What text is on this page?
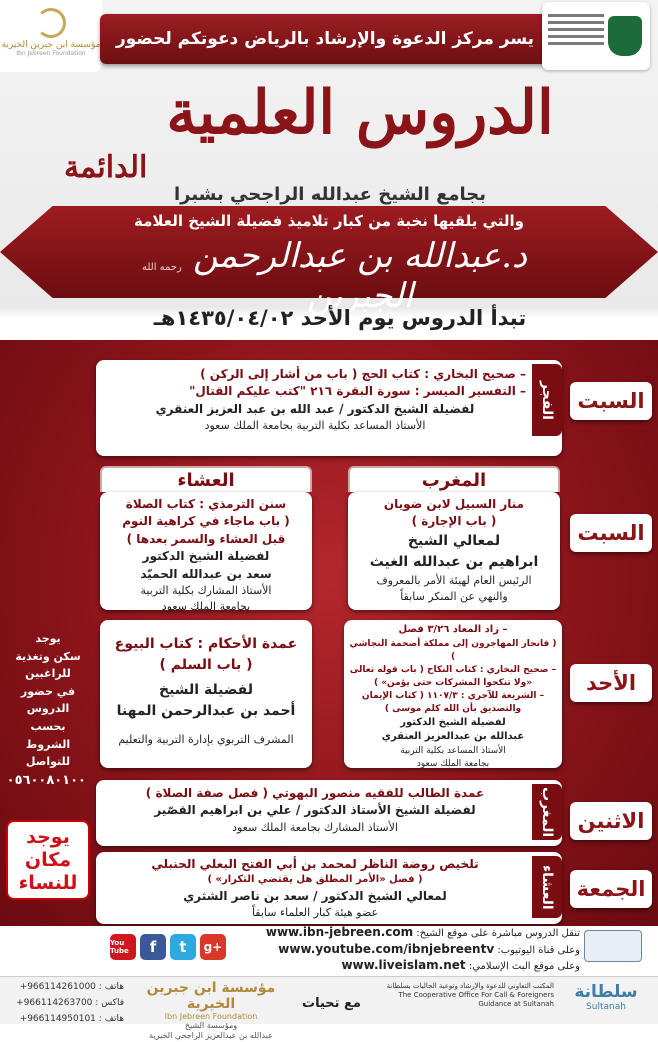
مؤسسة ابن جبرين الخيرية
Ibn Jebreen Foundation
يسر مركز الدعوة والإرشاد بالرياض دعوتكم لحضور
الدروس العلمية
الدائمة
بجامع الشيخ عبدالله الراجحي بشبرا
والتي يلقيها نخبة من كبار تلاميذ فضيلة الشيخ العلامة
د.عبدالله بن عبدالرحمن الجبرين
رحمه الله
تبدأ الدروس يوم الأحد ١٤٣٥/٠٤/٠٢هـ
السبت
– صحيح البخاري : كتاب الحج ( باب من أشار إلى الركن )
– التفسير الميسر : سورة البقرة ٢١٦ "كتب عليكم القتال"
لفضيلة الشيخ الدكتور / عبد الله بن عبد العزيز العنقري
الأستاذ المساعد بكلية التربية بجامعة الملك سعود
الفجر
المغرب
العشاء
السبت
منار السبيل لابن ضويان
( باب الإجارة )
لمعالي الشيخ
ابراهيم بن عبدالله الغيث
الرئيس العام لهيئة الأمر بالمعروف
والنهي عن المنكر سابقاً
سنن الترمذي : كتاب الصلاة
( باب ماجاء في كراهية النوم
قبل العشاء والسمر بعدها )
لفضيلة الشيخ الدكتور
سعد بن عبدالله الحميّد
الأستاذ المشارك بكلية التربية
بجامعة الملك سعود
الأحد
– زاد المعاد ٣/٢٦ فصل
( فانحاز المهاجرون إلى مملكة أصحمة النجاشي )
– صحيح البخاري : كتاب النكاح ( باب قوله تعالى
«ولا تنكحوا المشركات حتى يؤمن» )
– الشريعة للآجري : ١١٠٧/٣ ( كتاب الإيمان
والتصديق بأن الله كلم موسى )
لفضيلة الشيخ الدكتور
عبدالله بن عبدالعزيز العنقري
الأستاذ المساعد بكلية التربية
بجامعة الملك سعود
عمدة الأحكام : كتاب البيوع
( باب السلم )
لفضيلة الشيخ
أحمد بن عبدالرحمن المهنا
المشرف التربوي بإدارة التربية والتعليم
يوجد
سكن وتغذية
للراغبين
في حضور
الدروس
بحسب الشروط
للتواصل
٠٥٦٠٠٨٠١٠٠
الاثنين
عمدة الطالب للفقيه منصور البهوتي ( فصل صفة الصلاة )
لفضيلة الشيخ الأستاذ الدكتور / علي بن ابراهيم القصّير
الأستاذ المشارك بجامعة الملك سعود	المغرب
الجمعة
تلخيص روضة الناظر لمحمد بن أبي الفتح البعلي الحنبلي
( فصل «الأمر المطلق هل يقتضي التكرار» )
لمعالي الشيخ الدكتور / سعد بن ناصر الشثري
عضو هيئة كبار العلماء سابقاً
العشاء
يوجد
مكان
للنساء
تنقل الدروس مباشرة على موقع الشيخ: www.ibn-jebreen.com
وعلى قناة اليوتيوب: www.youtube.com/ibnjebreentv
وعلى موقع البث الإسلامي: www.liveislam.net
You Tube	f	t	g+
سلطانة
Sultanah
المكتب التعاوني للدعوة والإرشاد وتوعية الجاليات بسلطانة
The Cooperative Office For Call & Foreigners Guidance at Sultanah
مع تحيات
مؤسسة ابن جبرين الخيرية
Ibn Jebreen Foundation
ومؤسسة الشيخ
عبدالله بن عبدالعزيز الراجحي الخيرية
هاتف : +966114261000
فاكس : +966114263700
هاتف : +966114950101
